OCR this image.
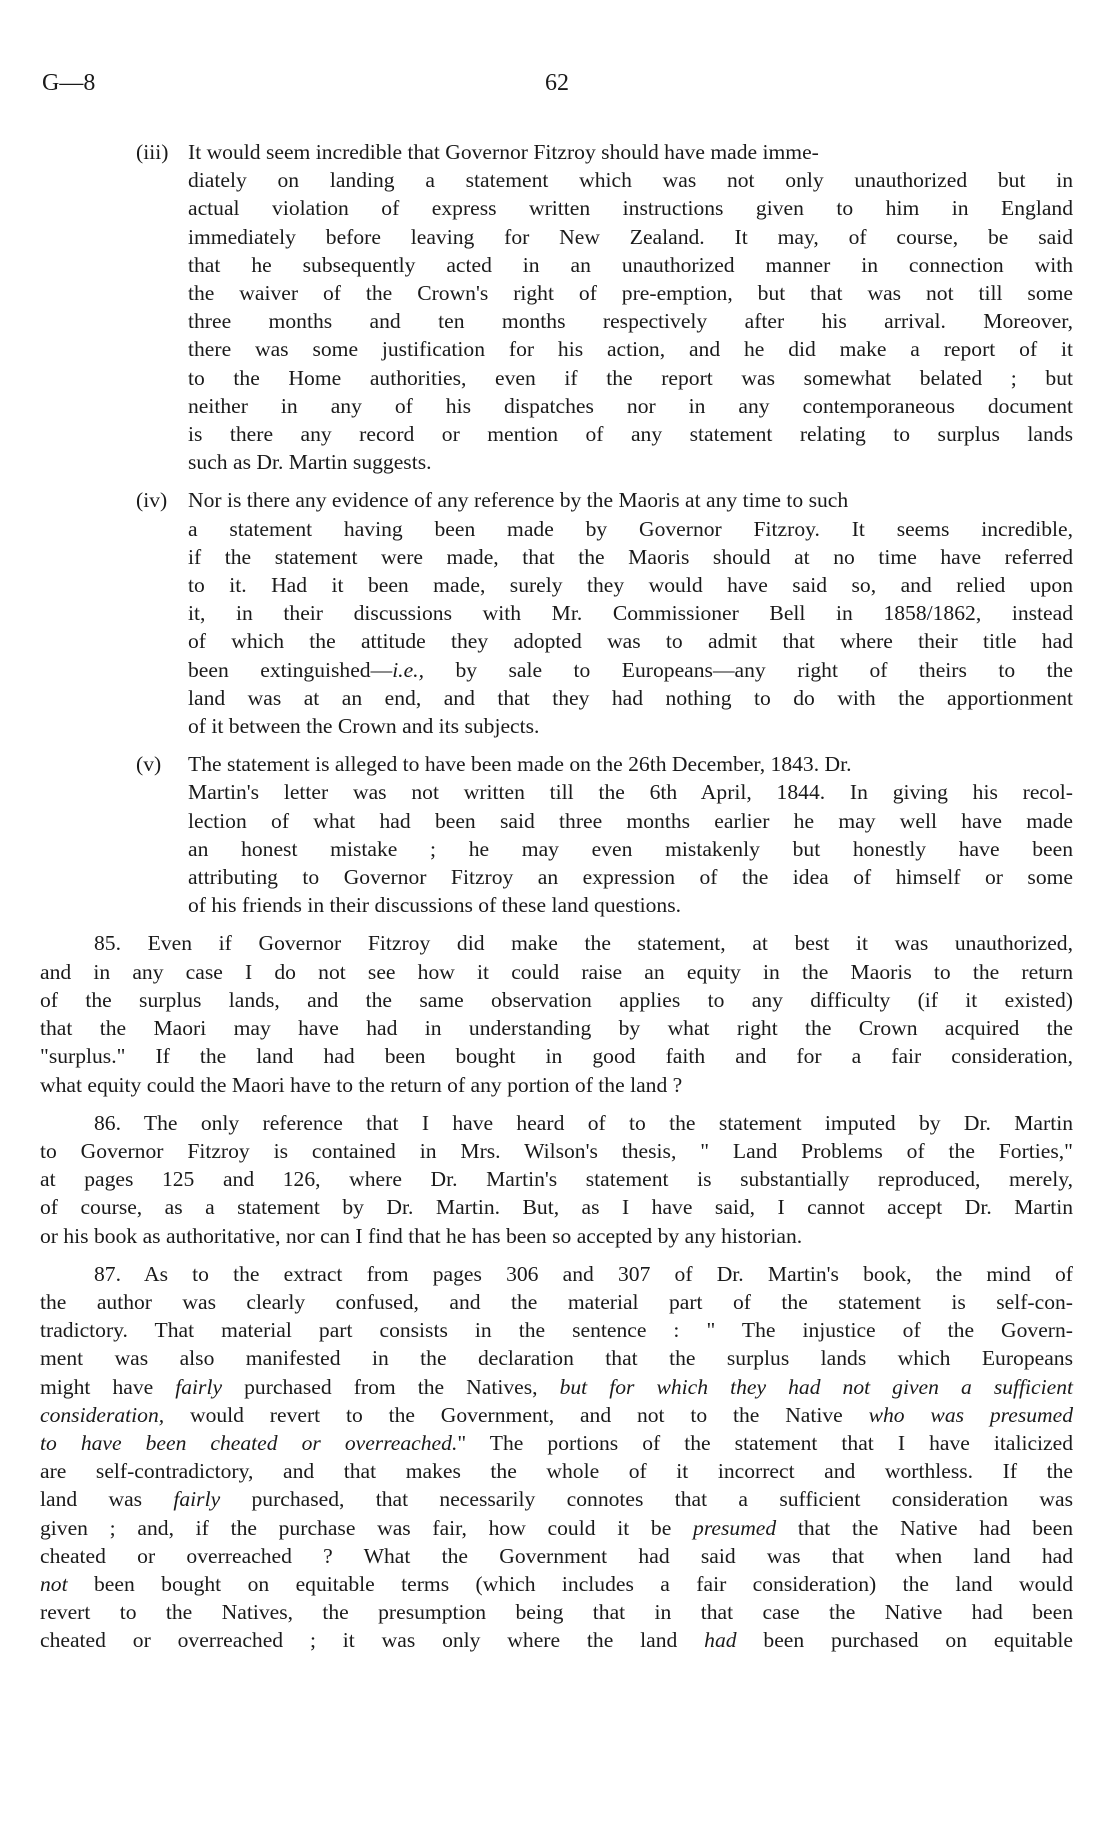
G—8	62
(iii) It would seem incredible that Governor Fitzroy should have made imme-

diately on landing a statement which was not only unauthorized but in
actual violation of express written instructions given to him in England
immediately before leaving for New Zealand. It may, of course, be said
that he subsequently acted in an unauthorized manner in connection with
the waiver of the Crown's right of pre-emption, but that was not till some
three months and ten months respectively after his arrival. Moreover,
there was some justification for his action, and he did make a report of it
to the Home authorities, even if the report was somewhat belated ; but
neither in any of his dispatches nor in any contemporaneous document
is there any record or mention of any statement relating to surplus lands
such as Dr. Martin suggests.
(iv) Nor is there any evidence of any reference by the Maoris at any time to such

a statement having been made by Governor Fitzroy. It seems incredible,
if the statement were made, that the Maoris should at no time have referred
to it. Had it been made, surely they would have said so, and relied upon
it, in their discussions with Mr. Commissioner Bell in 1858/1862, instead
of which the attitude they adopted was to admit that where their title had
been extinguished—i.e., by sale to Europeans—any right of theirs to the
land was at an end, and that they had nothing to do with the apportionment
of it between the Crown and its subjects.
(v) The statement is alleged to have been made on the 26th December, 1843. Dr.

Martin's letter was not written till the 6th April, 1844. In giving his recol-
lection of what had been said three months earlier he may well have made
an honest mistake ; he may even mistakenly but honestly have been
attributing to Governor Fitzroy an expression of the idea of himself or some
of his friends in their discussions of these land questions.
85. Even if Governor Fitzroy did make the statement, at best it was unauthorized,
and in any case I do not see how it could raise an equity in the Maoris to the return
of the surplus lands, and the same observation applies to any difficulty (if it existed)
that the Maori may have had in understanding by what right the Crown acquired the
"surplus." If the land had been bought in good faith and for a fair consideration,
what equity could the Maori have to the return of any portion of the land ?
86. The only reference that I have heard of to the statement imputed by Dr. Martin
to Governor Fitzroy is contained in Mrs. Wilson's thesis, " Land Problems of the Forties,"
at pages 125 and 126, where Dr. Martin's statement is substantially reproduced, merely,
of course, as a statement by Dr. Martin. But, as I have said, I cannot accept Dr. Martin
or his book as authoritative, nor can I find that he has been so accepted by any historian.
87. As to the extract from pages 306 and 307 of Dr. Martin's book, the mind of
the author was clearly confused, and the material part of the statement is self-con-
tradictory. That material part consists in the sentence : " The injustice of the Govern-
ment was also manifested in the declaration that the surplus lands which Europeans
might have fairly purchased from the Natives, but for which they had not given a sufficient
consideration, would revert to the Government, and not to the Native who was presumed
to have been cheated or overreached." The portions of the statement that I have italicized
are self-contradictory, and that makes the whole of it incorrect and worthless. If the
land was fairly purchased, that necessarily connotes that a sufficient consideration was
given ; and, if the purchase was fair, how could it be presumed that the Native had been
cheated or overreached ? What the Government had said was that when land had
not been bought on equitable terms (which includes a fair consideration) the land would
revert to the Natives, the presumption being that in that case the Native had been
cheated or overreached ; it was only where the land had been purchased on equitable
